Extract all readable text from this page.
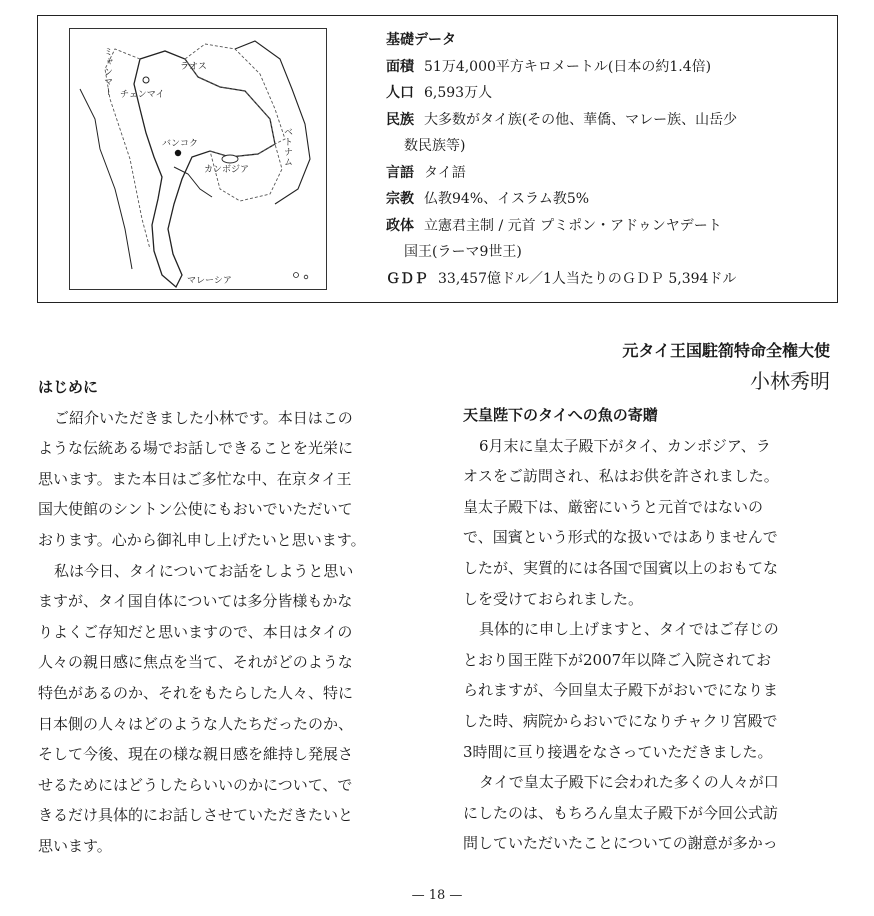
ミャンマー	ラオス
チェンマイ
バンコク
カンボジア
ベトナム
マレーシア
基礎データ
面積 51万4,000平方キロメートル(日本の約1.4倍)
人口 6,593万人
民族 大多数がタイ族(その他、華僑、マレー族、山岳少
数民族等)
言語 タイ語
宗教 仏教94%、イスラム教5%
政体 立憲君主制 / 元首 プミポン・アドゥンヤデート
国王(ラーマ9世王)
ＧＤＰ 33,457億ドル／1人当たりのＧＤＰ 5,394ドル
元タイ王国駐箚特命全権大使
小林秀明
はじめに
ご紹介いただきました小林です。本日はこの
ような伝統ある場でお話しできることを光栄に
思います。また本日はご多忙な中、在京タイ王
国大使館のシントン公使にもおいでいただいて
おります。心から御礼申し上げたいと思います。
私は今日、タイについてお話をしようと思い
ますが、タイ国自体については多分皆様もかな
りよくご存知だと思いますので、本日はタイの
人々の親日感に焦点を当て、それがどのような
特色があるのか、それをもたらした人々、特に
日本側の人々はどのような人たちだったのか、
そして今後、現在の様な親日感を維持し発展さ
せるためにはどうしたらいいのかについて、で
きるだけ具体的にお話しさせていただきたいと
思います。
天皇陛下のタイへの魚の寄贈
6月末に皇太子殿下がタイ、カンボジア、ラ
オスをご訪問され、私はお供を許されました。
皇太子殿下は、厳密にいうと元首ではないの
で、国賓という形式的な扱いではありませんで
したが、実質的には各国で国賓以上のおもてな
しを受けておられました。
具体的に申し上げますと、タイではご存じの
とおり国王陛下が2007年以降ご入院されてお
られますが、今回皇太子殿下がおいでになりま
した時、病院からおいでになりチャクリ宮殿で
3時間に亘り接遇をなさっていただきました。
タイで皇太子殿下に会われた多くの人々が口
にしたのは、もちろん皇太子殿下が今回公式訪
問していただいたことについての謝意が多かっ
— 18 —
